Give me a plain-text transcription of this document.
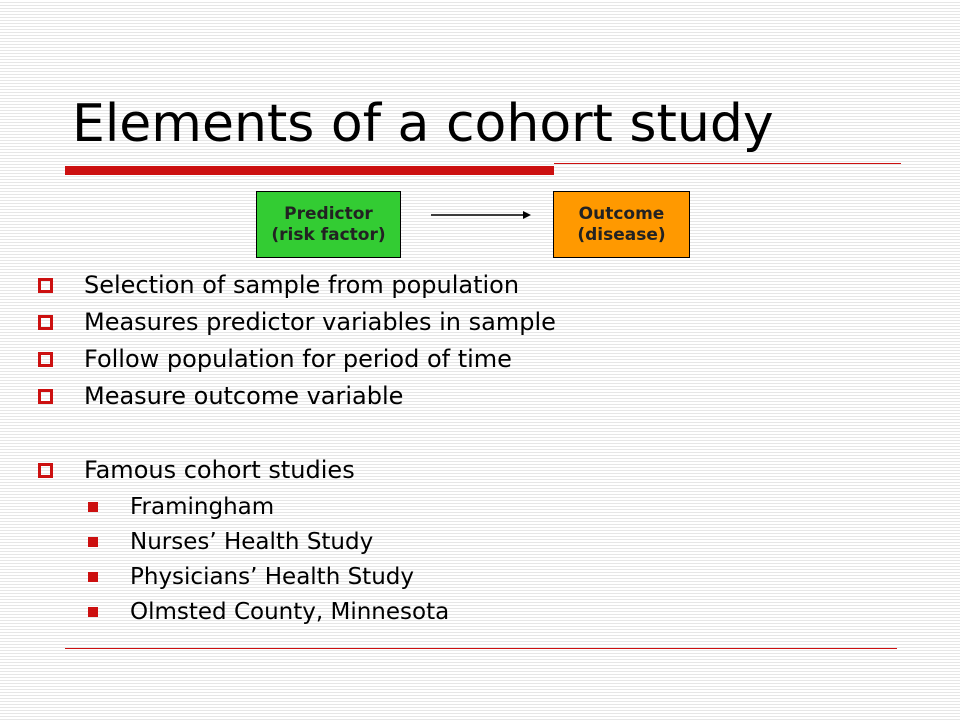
Elements of a cohort study
Predictor
(risk factor)
Outcome
(disease)
Selection of sample from population
Measures predictor variables in sample
Follow population for period of time
Measure outcome variable
Famous cohort studies
Framingham
Nurses’ Health Study
Physicians’ Health Study
Olmsted County, Minnesota
